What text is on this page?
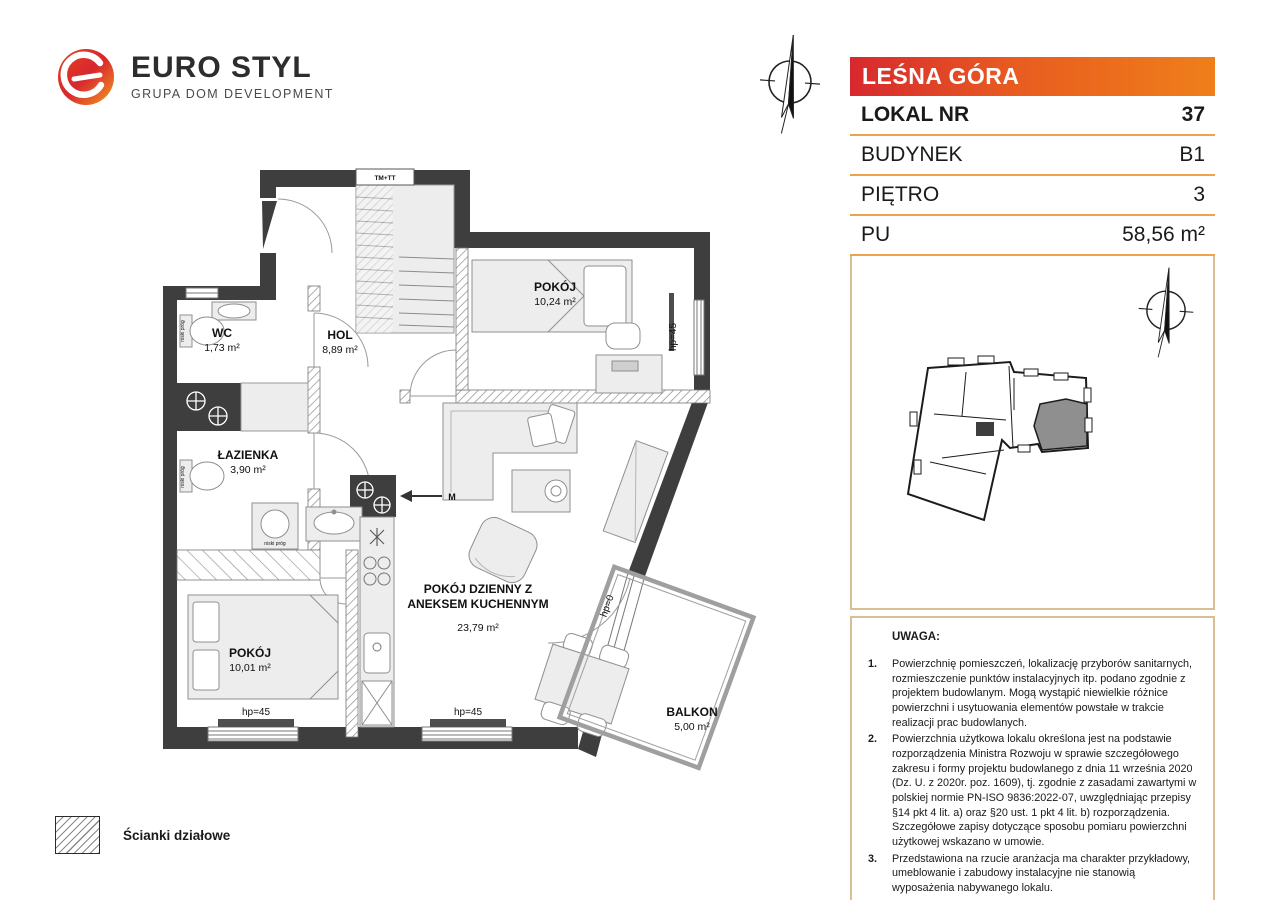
EURO STYL
GRUPA DOM DEVELOPMENT
LEŚNA GÓRA
LOKAL NR	37
BUDYNEK	B1
PIĘTRO	3
PU	58,56 m²
UWAGA:
1.	Powierzchnię pomieszczeń, lokalizację przyborów sanitarnych, rozmieszczenie punktów instalacyjnych itp. podano zgodnie z projektem budowlanym. Mogą wystąpić niewielkie różnice powierzchni i usytuowania elementów powstałe w trakcie realizacji prac budowlanych.
2.	Powierzchnia użytkowa lokalu określona jest na podstawie rozporządzenia Ministra Rozwoju w sprawie szczegółowego zakresu i formy projektu budowlanego z dnia 11 września 2020 (Dz. U. z 2020r. poz. 1609), tj. zgodnie z zasadami zawartymi w polskiej normie PN-ISO 9836:2022-07, uwzględniając przepisy §14 pkt 4 lit. a) oraz §20 ust. 1 pkt 4 lit. b) rozporządzenia. Szczegółowe zapisy dotyczące sposobu pomiaru powierzchni użytkowej wskazano w umowie.
3.	Przedstawiona na rzucie aranżacja ma charakter przykładowy, umeblowanie i zabudowy instalacyjne nie stanowią wyposażenia nabywanego lokalu.
WC
1,73 m²
HOL
8,89 m²
POKÓJ
10,24 m²
ŁAZIENKA
3,90 m²
POKÓJ
10,01 m²
POKÓJ DZIENNY Z
ANEKSEM KUCHENNYM
23,79 m²
BALKON
5,00 m²
hp=45	hp=45
hp=45
hp=0
TM+TT
niski próg
niski próg
niski próg
M
Ścianki działowe
